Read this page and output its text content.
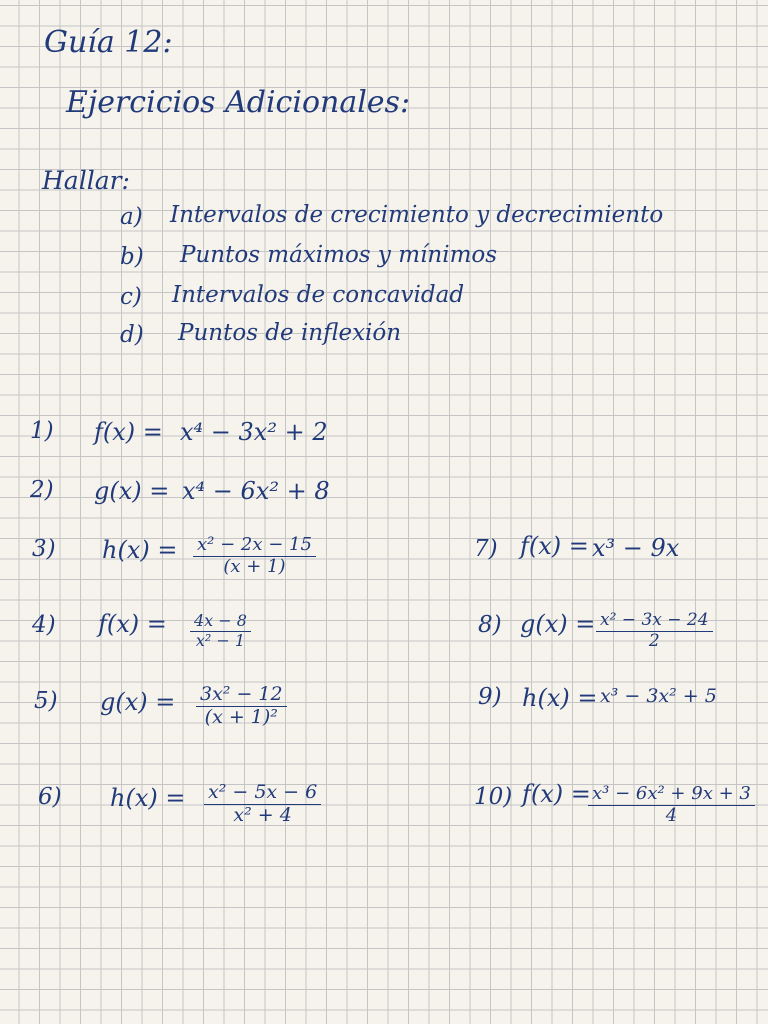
Guía 12:
Ejercicios Adicionales:
Hallar:
a) Intervalos de crecimiento y decrecimiento
b) Puntos máximos y mínimos
c) Intervalos de concavidad
d) Puntos de inflexión
1) f(x) = x⁴ − 3x² + 2
2) g(x) = x⁴ − 6x² + 8
3) $h(x) = \frac{\text{x² − 2x − 15}}{(x + 1)}$
4) $f(x) = \frac{4x - 8}{\text{x² − 1}}$
5) $g(x) = \frac{\text{3x² − 12}}{\text{(x + 1)²}}$
6) $h(x) = \frac{\text{x² − 5x − 6}}{\text{x² + 4}}$
7) f(x) = x³ − 9x
8) $g(x) = \frac{\text{x² − 3x − 24}}{2}$
9) h(x) = x³ − 3x² + 5
10) f(x) =
$\frac{\text{x³ − 6x² + 9x + 3}}{4}$
